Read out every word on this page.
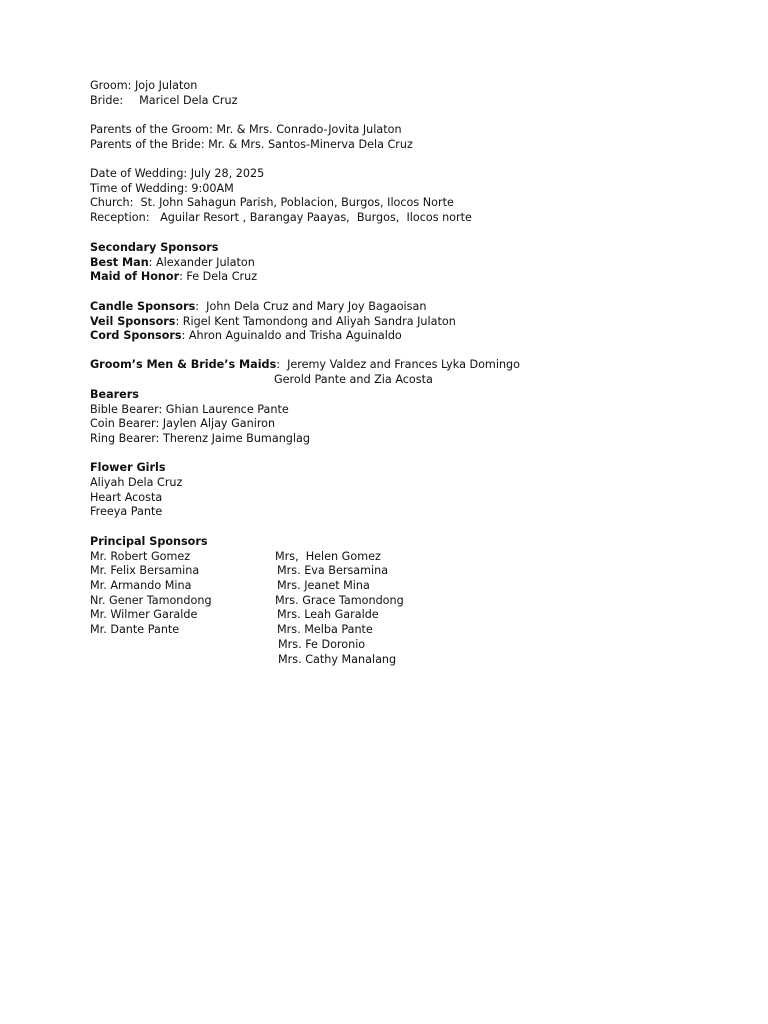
Groom: Jojo Julaton
Bride: Maricel Dela Cruz
Parents of the Groom: Mr. & Mrs. Conrado-Jovita Julaton
Parents of the Bride: Mr. & Mrs. Santos-Minerva Dela Cruz
Date of Wedding: July 28, 2025
Time of Wedding: 9:00AM
Church:  St. John Sahagun Parish, Poblacion, Burgos, Ilocos Norte
Reception:   Aguilar Resort , Barangay Paayas,  Burgos,  Ilocos norte
Secondary Sponsors
Best Man: Alexander Julaton
Maid of Honor: Fe Dela Cruz
Candle Sponsors:  John Dela Cruz and Mary Joy Bagaoisan
Veil Sponsors: Rigel Kent Tamondong and Aliyah Sandra Julaton
Cord Sponsors: Ahron Aguinaldo and Trisha Aguinaldo
Groom’s Men & Bride’s Maids:  Jeremy Valdez and Frances Lyka Domingo
Gerold Pante and Zia Acosta
Bearers
Bible Bearer: Ghian Laurence Pante
Coin Bearer: Jaylen Aljay Ganiron
Ring Bearer: Therenz Jaime Bumanglag
Flower Girls
Aliyah Dela Cruz
Heart Acosta
Freeya Pante
Principal Sponsors
Mr. Robert Gomez
Mr. Felix Bersamina
Mr. Armando Mina
Nr. Gener Tamondong
Mr. Wilmer Garalde
Mr. Dante Pante
Mrs,  Helen Gomez
Mrs. Eva Bersamina
Mrs. Jeanet Mina
Mrs. Grace Tamondong
Mrs. Leah Garalde
Mrs. Melba Pante
Mrs. Fe Doronio
Mrs. Cathy Manalang
